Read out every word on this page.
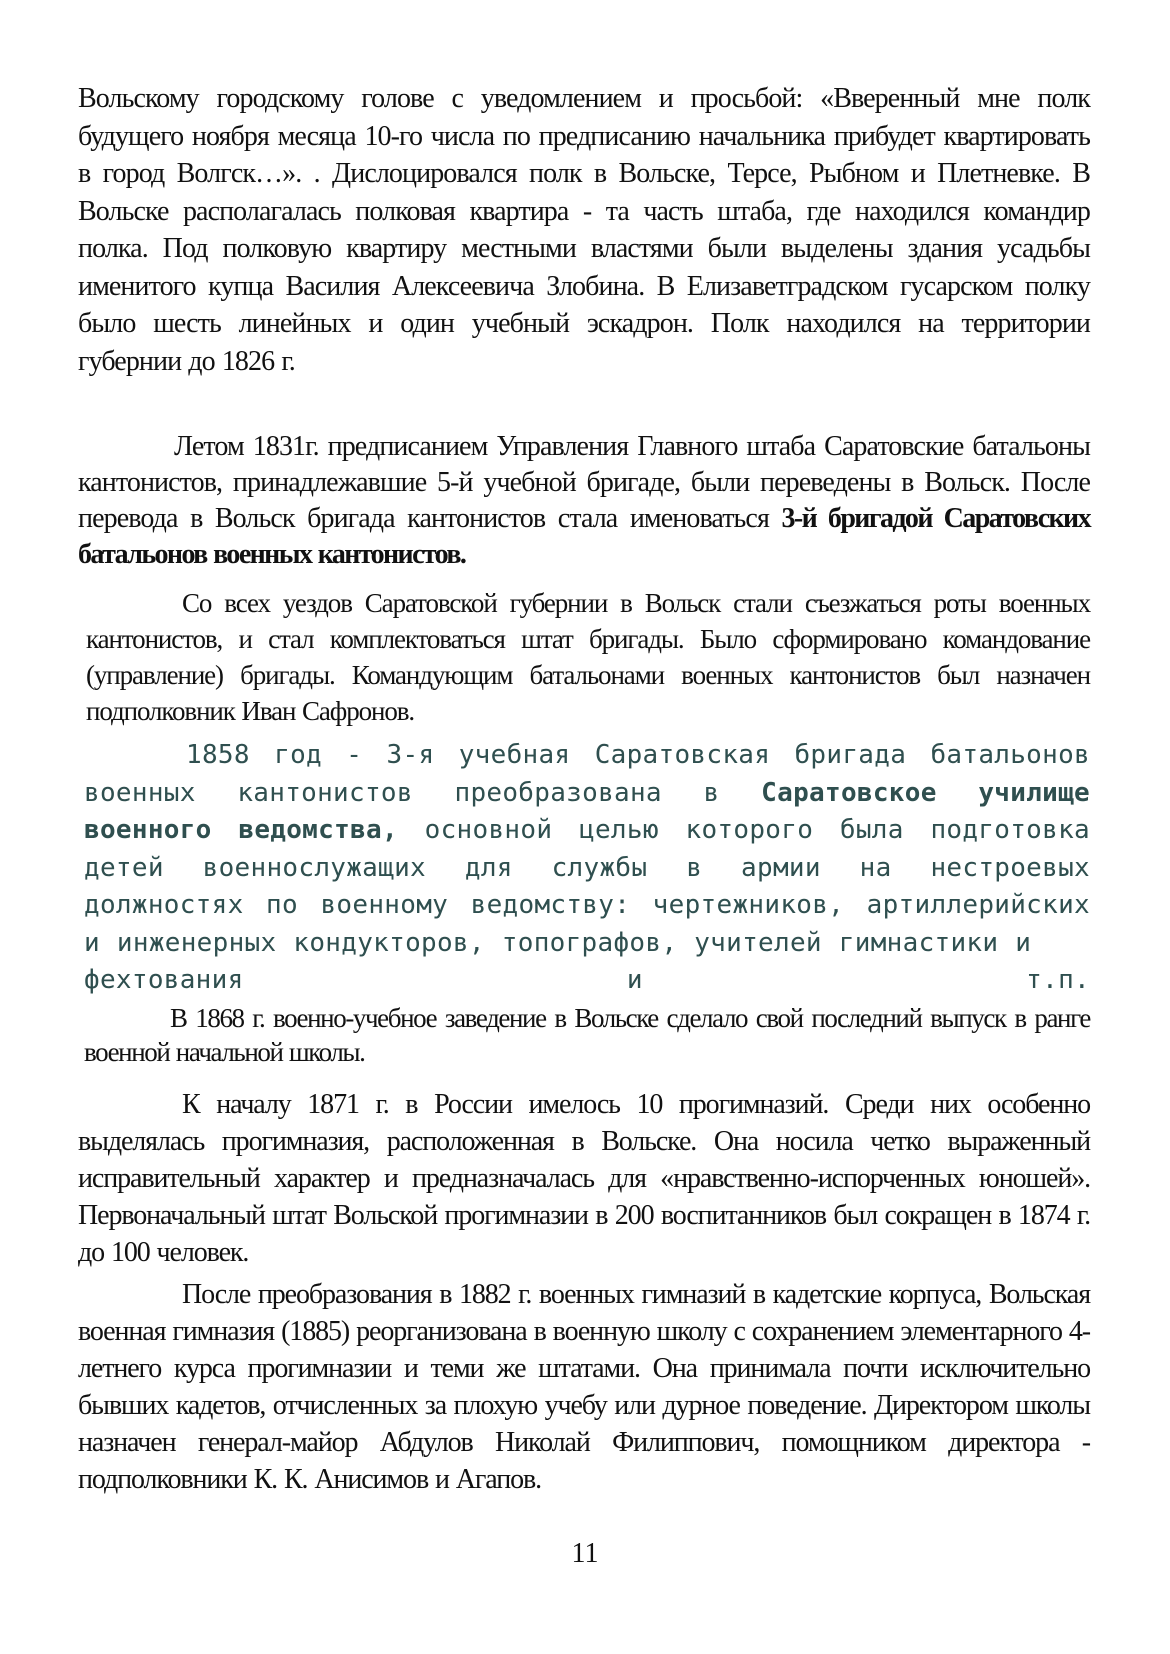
Вольскому городскому голове с уведомлением и просьбой: «Вверенный мне полк будущего ноября месяца 10-го числа по предписанию начальника прибудет квартировать в город Волгск…». . Дислоцировался полк в Вольске, Терсе, Рыбном и Плетневке. В Вольске располагалась полковая квартира - та часть штаба, где находился командир полка. Под полковую квартиру местными властями были выделены здания усадьбы именитого купца Василия Алексеевича Злобина. В Елизаветградском гусарском полку было шесть линейных и один учебный эскадрон. Полк находился на территории губернии до 1826 г.

Летом 1831г. предписанием Управления Главного штаба Саратовские батальоны кантонистов, принадлежавшие 5-й учебной бригаде, были переведены в Вольск. После перевода в Вольск бригада кантонистов стала именоваться 3-й бригадой Саратовских батальонов военных кантонистов.

Со всех уездов Саратовской губернии в Вольск стали съезжаться роты военных кантонистов, и стал комплектоваться штат бригады. Было сформировано командование (управление) бригады. Командующим батальонами военных кантонистов был назначен подполковник Иван Сафронов.

1858 год - 3-я учебная Саратовская бригада батальонов военных кантонистов преобразована в Саратовское училище военного ведомства, основной целью которого была подготовка детей военнослужащих для службы в армии на нестроевых должностях по военному ведомству: чертежников, артиллерийских и инженерных кондукторов, топографов, учителей гимнастики и
фехтования	и	т.п.

В 1868 г. военно-учебное заведение в Вольске сделало свой последний выпуск в ранге военной начальной школы.

К началу 1871 г. в России имелось 10 прогимназий. Среди них особенно выделялась прогимназия, расположенная в Вольске. Она носила четко выраженный исправительный характер и предназначалась для «нравственно-испорченных юношей». Первоначальный штат Вольской прогимназии в 200 воспитанников был сокращен в 1874 г. до 100 человек.

После преобразования в 1882 г. военных гимназий в кадетские корпуса, Вольская военная гимназия (1885) реорганизована в военную школу с сохранением элементарного 4-летнего курса прогимназии и теми же штатами. Она принимала почти исключительно бывших кадетов, отчисленных за плохую учебу или дурное поведение. Директором школы назначен генерал-майор Абдулов Николай Филиппович, помощником директора - подполковники К. К. Анисимов и Агапов.

11
